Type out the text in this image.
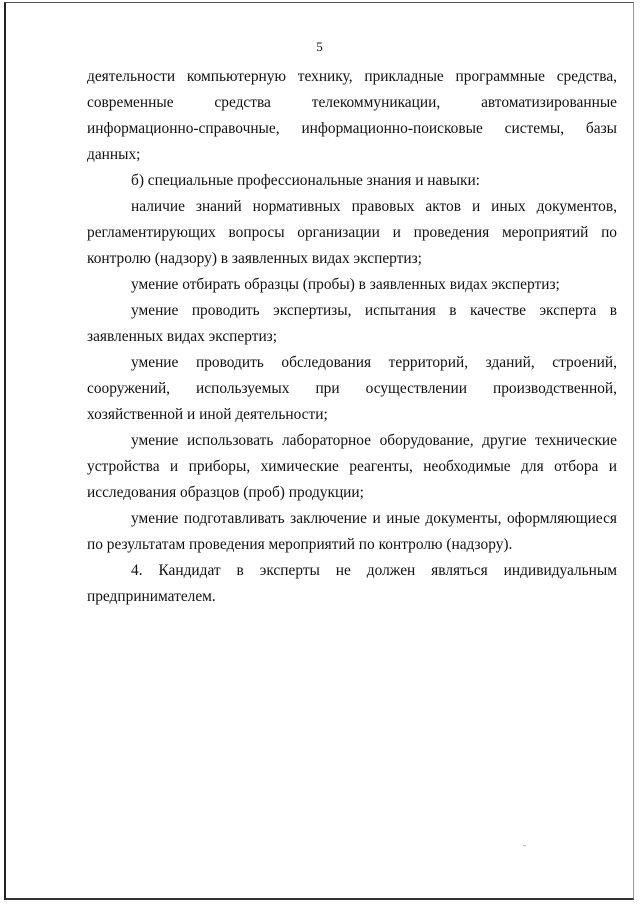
5

деятельности компьютерную технику, прикладные программные средства, современные средства телекоммуникации, автоматизированные информационно-справочные, информационно-поисковые системы, базы данных;

б) специальные профессиональные знания и навыки:

наличие знаний нормативных правовых актов и иных документов, регламентирующих вопросы организации и проведения мероприятий по контролю (надзору) в заявленных видах экспертиз;

умение отбирать образцы (пробы) в заявленных видах экспертиз;

умение проводить экспертизы, испытания в качестве эксперта в заявленных видах экспертиз;

умение проводить обследования территорий, зданий, строений, сооружений, используемых при осуществлении производственной, хозяйственной и иной деятельности;

умение использовать лабораторное оборудование, другие технические устройства и приборы, химические реагенты, необходимые для отбора и исследования образцов (проб) продукции;

умение подготавливать заключение и иные документы, оформляющиеся по результатам проведения мероприятий по контролю (надзору).

4. Кандидат в эксперты не должен являться индивидуальным предпринимателем.
